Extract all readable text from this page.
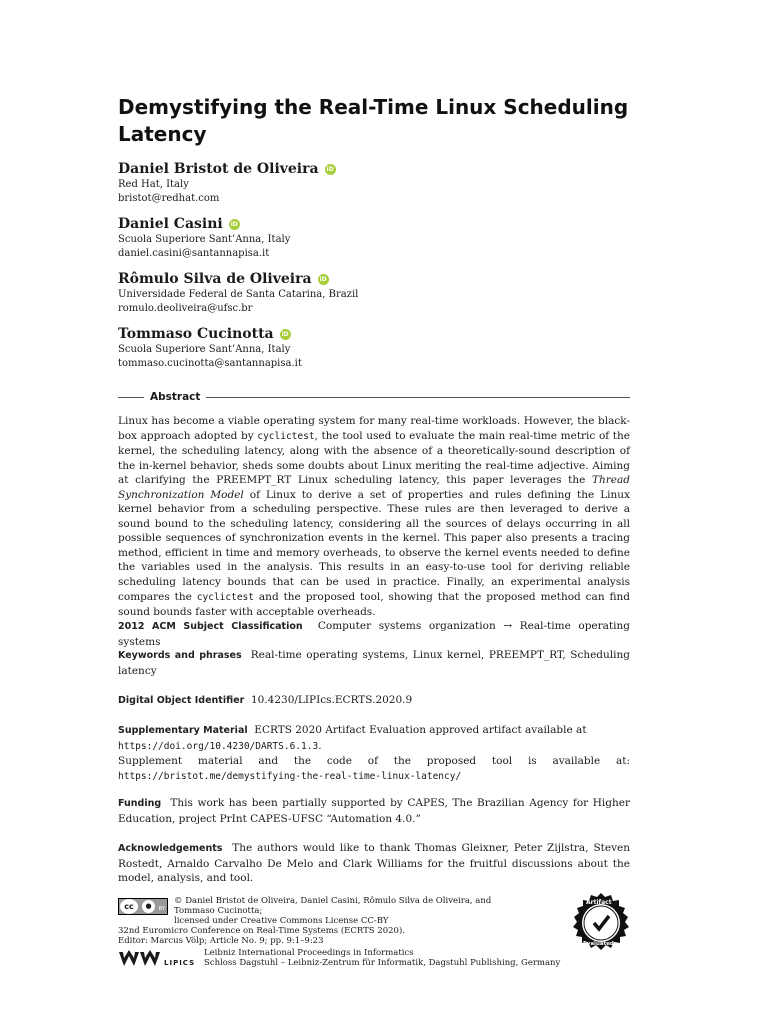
Demystifying the Real-Time Linux Scheduling Latency
Daniel Bristot de Oliveira	iD
Red Hat, Italy
bristot@redhat.com
Daniel Casini	iD
Scuola Superiore Sant’Anna, Italy
daniel.casini@santannapisa.it
Rômulo Silva de Oliveira	iD
Universidade Federal de Santa Catarina, Brazil
romulo.deoliveira@ufsc.br
Tommaso Cucinotta	iD
Scuola Superiore Sant’Anna, Italy
tommaso.cucinotta@santannapisa.it
Abstract

Linux has become a viable operating system for many real-time workloads. However, the black-box approach adopted by cyclictest, the tool used to evaluate the main real-time metric of the kernel, the scheduling latency, along with the absence of a theoretically-sound description of the in-kernel behavior, sheds some doubts about Linux meriting the real-time adjective. Aiming at clarifying the PREEMPT_RT Linux scheduling latency, this paper leverages the Thread Synchronization Model of Linux to derive a set of properties and rules defining the Linux kernel behavior from a scheduling perspective. These rules are then leveraged to derive a sound bound to the scheduling latency, considering all the sources of delays occurring in all possible sequences of synchronization events in the kernel. This paper also presents a tracing method, efficient in time and memory overheads, to observe the kernel events needed to define the variables used in the analysis. This results in an easy-to-use tool for deriving reliable scheduling latency bounds that can be used in practice. Finally, an experimental analysis compares the cyclictest and the proposed tool, showing that the proposed method can find sound bounds faster with acceptable overheads.

2012 ACM Subject Classification Computer systems organization → Real-time operating systems
Keywords and phrases Real-time operating systems, Linux kernel, PREEMPT_RT, Scheduling latency
Digital Object Identifier 10.4230/LIPIcs.ECRTS.2020.9
Supplementary Material ECRTS 2020 Artifact Evaluation approved artifact available at
https://doi.org/10.4230/DARTS.6.1.3.
Supplement material and the code of the proposed tool is available at: https://bristot.me/demystifying-the-real-time-linux-latency/
Funding This work has been partially supported by CAPES, The Brazilian Agency for Higher Education, project PrInt CAPES-UFSC “Automation 4.0.”
Acknowledgements The authors would like to thank Thomas Gleixner, Peter Zijlstra, Steven Rostedt, Arnaldo Carvalho De Melo and Clark Williams for the fruitful discussions about the model, analysis, and tool.
cc	●	BY
© Daniel Bristot de Oliveira, Daniel Casini, Rômulo Silva de Oliveira, and
Tommaso Cucinotta;
licensed under Creative Commons License CC-BY
32nd Euromicro Conference on Real-Time Systems (ECRTS 2020).
Editor: Marcus Völp; Article No. 9; pp. 9:1–9:23
Leibniz International Proceedings in Informatics
Schloss Dagstuhl – Leibniz-Zentrum für Informatik, Dagstuhl Publishing, Germany
LIPICS
Artifact
Evaluated
